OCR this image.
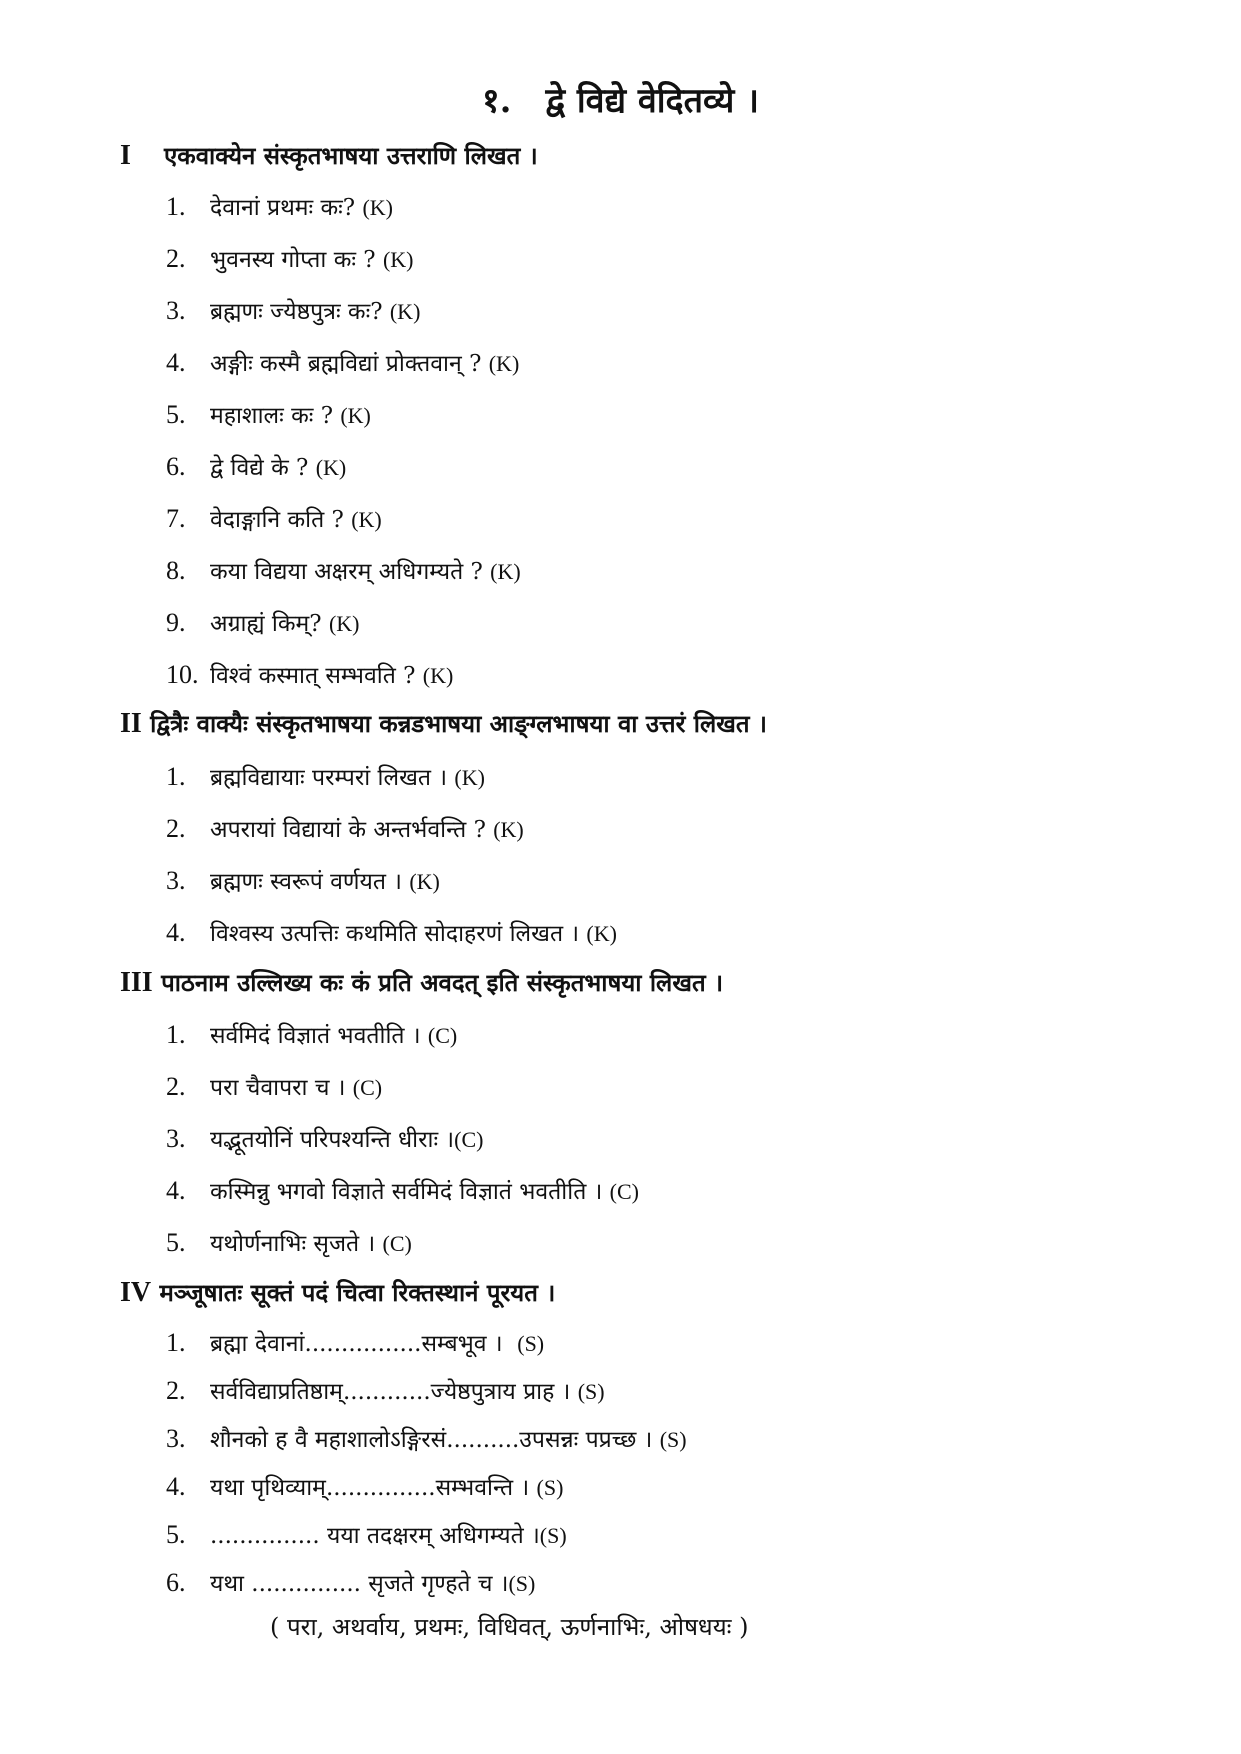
१. द्वे विद्ये वेदितव्ये ।
I एकवाक्येन संस्कृतभाषया उत्तराणि लिखत ।
1. देवानां प्रथमः कः? (K)
2. भुवनस्य गोप्ता कः ? (K)
3. ब्रह्मणः ज्येष्ठपुत्रः कः? (K)
4. अङ्गीः कस्मै ब्रह्मविद्यां प्रोक्तवान् ? (K)
5. महाशालः कः ? (K)
6. द्वे विद्ये के ? (K)
7. वेदाङ्गानि कति ? (K)
8. कया विद्यया अक्षरम् अधिगम्यते ? (K)
9. अग्राह्यं किम्? (K)
10. विश्वं कस्मात् सम्भवति ? (K)
II द्वित्रैः वाक्यैः संस्कृतभाषया कन्नडभाषया आङ्ग्लभाषया वा उत्तरं लिखत ।
1. ब्रह्मविद्यायाः परम्परां लिखत । (K)
2. अपरायां विद्यायां के अन्तर्भवन्ति ? (K)
3. ब्रह्मणः स्वरूपं वर्णयत । (K)
4. विश्वस्य उत्पत्तिः कथमिति सोदाहरणं लिखत । (K)
III पाठनाम उल्लिख्य कः कं प्रति अवदत् इति संस्कृतभाषया लिखत ।
1. सर्वमिदं विज्ञातं भवतीति । (C)
2. परा चैवापरा च । (C)
3. यद्भूतयोनिं परिपश्यन्ति धीराः ।(C)
4. कस्मिन्नु भगवो विज्ञाते सर्वमिदं विज्ञातं भवतीति । (C)
5. यथोर्णनाभिः सृजते । (C)
IV मञ्जूषातः सूक्तं पदं चित्वा रिक्तस्थानं पूरयत ।
1. ब्रह्मा देवानां................सम्बभूव । (S)
2. सर्वविद्याप्रतिष्ठाम्............ज्येष्ठपुत्राय प्राह । (S)
3. शौनको ह वै महाशालोऽङ्गिरसं..........उपसन्नः पप्रच्छ । (S)
4. यथा पृथिव्याम्...............सम्भवन्ति । (S)
5. ............... यया तदक्षरम् अधिगम्यते ।(S)
6. यथा ............... सृजते गृण्हते च ।(S)
( परा, अथर्वाय, प्रथमः, विधिवत्, ऊर्णनाभिः, ओषधयः )
